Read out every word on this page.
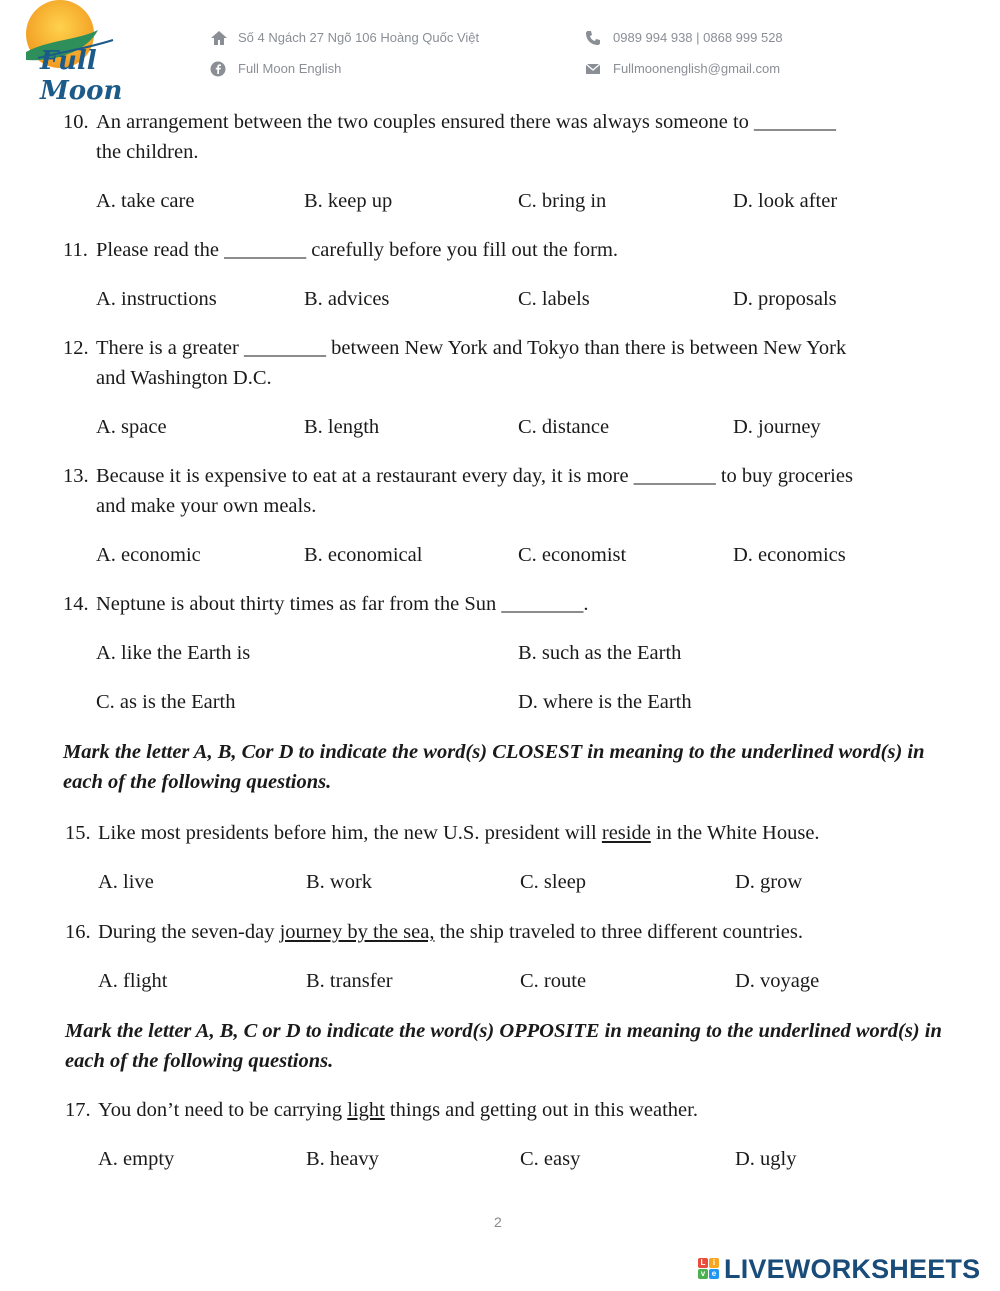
Full Moon
Số 4 Ngách 27 Ngõ 106 Hoàng Quốc Việt	0989 994 938 | 0868 999 528
Full Moon English	Fullmoonenglish@gmail.com
10. An arrangement between the two couples ensured there was always someone to ________
the children.
A. take care	B. keep up	C. bring in	D. look after
11. Please read the ________ carefully before you fill out the form.
A. instructions	B. advices	C. labels	D. proposals
12. There is a greater ________ between New York and Tokyo than there is between New York
and Washington D.C.
A. space	B. length	C. distance	D. journey
13. Because it is expensive to eat at a restaurant every day, it is more ________ to buy groceries
and make your own meals.
A. economic	B. economical	C. economist	D. economics
14. Neptune is about thirty times as far from the Sun ________.
A. like the Earth is	B. such as the Earth
C. as is the Earth	D. where is the Earth
Mark the letter A, B, Cor D to indicate the word(s) CLOSEST in meaning to the underlined word(s) in each of the following questions.
15. Like most presidents before him, the new U.S. president will reside in the White House.
A. live	B. work	C. sleep	D. grow
16. During the seven-day journey by the sea, the ship traveled to three different countries.
A. flight	B. transfer	C. route	D. voyage
Mark the letter A, B, C or D to indicate the word(s) OPPOSITE in meaning to the underlined word(s) in each of the following questions.
17. You don’t need to be carrying light things and getting out in this weather.
A. empty	B. heavy	C. easy	D. ugly
2
L i
v e LIVEWORKSHEETS
